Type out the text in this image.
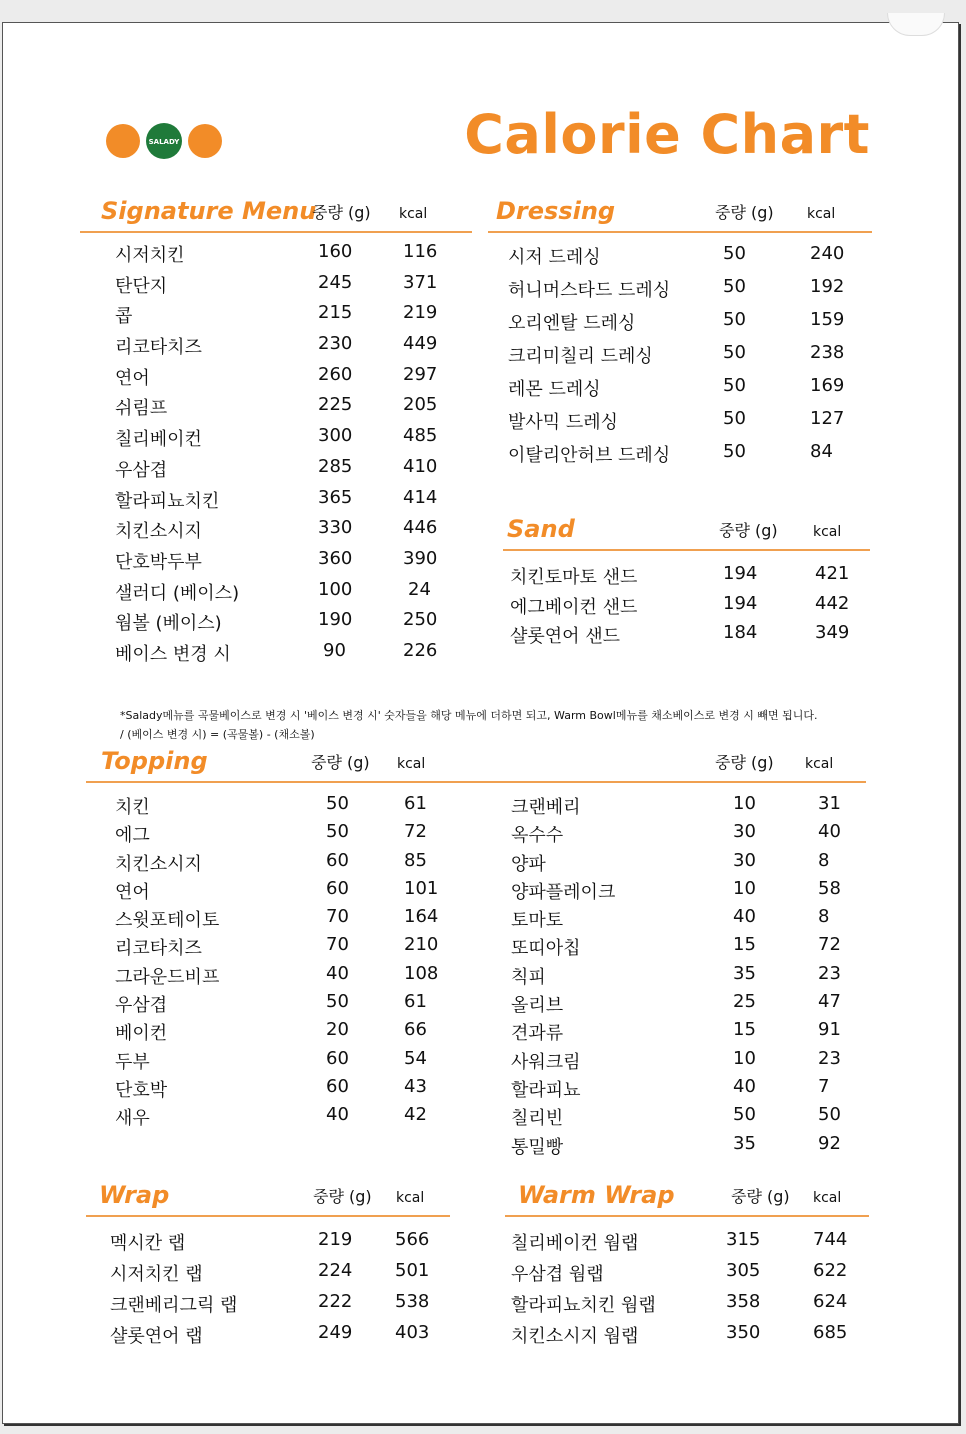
SALADY	Calorie Chart
Signature Menu
중량 (g) kcal
시저치킨	160	116
탄단지	245	371
콥	215	219
리코타치즈	230	449
연어	260	297
쉬림프	225	205
칠리베이컨	300	485
우삼겹	285	410
할라피뇨치킨	365	414
치킨소시지	330	446
단호박두부	360	390
샐러디 (베이스)	100	24
웜볼 (베이스)	190	250
베이스 변경 시	90	226
Dressing	중량 (g) kcal
시저 드레싱	50	240
허니머스타드 드레싱	50	192
오리엔탈 드레싱	50	159
크리미칠리 드레싱	50	238
레몬 드레싱	50	169
발사믹 드레싱	50	127
이탈리안허브 드레싱	50	84
Sand	중량 (g)	kcal
치킨토마토 샌드	194	421
에그베이컨 샌드	194	442
샬롯연어 샌드	184	349
*Salady메뉴를 곡물베이스로 변경 시 '베이스 변경 시' 숫자들을 해당 메뉴에 더하면 되고, Warm Bowl메뉴를 채소베이스로 변경 시 빼면 됩니다.
/ (베이스 변경 시) = (곡물볼) - (채소볼)
Topping	중량 (g) kcal	중량 (g) kcal
치킨	50	61
에그	50	72
치킨소시지	60	85
연어	60	101
스윗포테이토	70	164
리코타치즈	70	210
그라운드비프	40	108
우삼겹	50	61
베이컨	20	66
두부	60	54
단호박	60	43
새우	40	42
크랜베리	10	31
옥수수	30	40
양파	30	8
양파플레이크	10	58
토마토	40	8
또띠아칩	15	72
칙피	35	23
올리브	25	47
견과류	15	91
사워크림	10	23
할라피뇨	40	7
칠리빈	50	50
통밀빵	35	92
Wrap	중량 (g) kcal
멕시칸 랩	219 566
시저치킨 랩	224 501
크랜베리그릭 랩	222 538
샬롯연어 랩	249 403
Warm Wrap	중량 (g) kcal
칠리베이컨 웜랩	315	744
우삼겹 웜랩	305	622
할라피뇨치킨 웜랩	358	624
치킨소시지 웜랩	350	685
